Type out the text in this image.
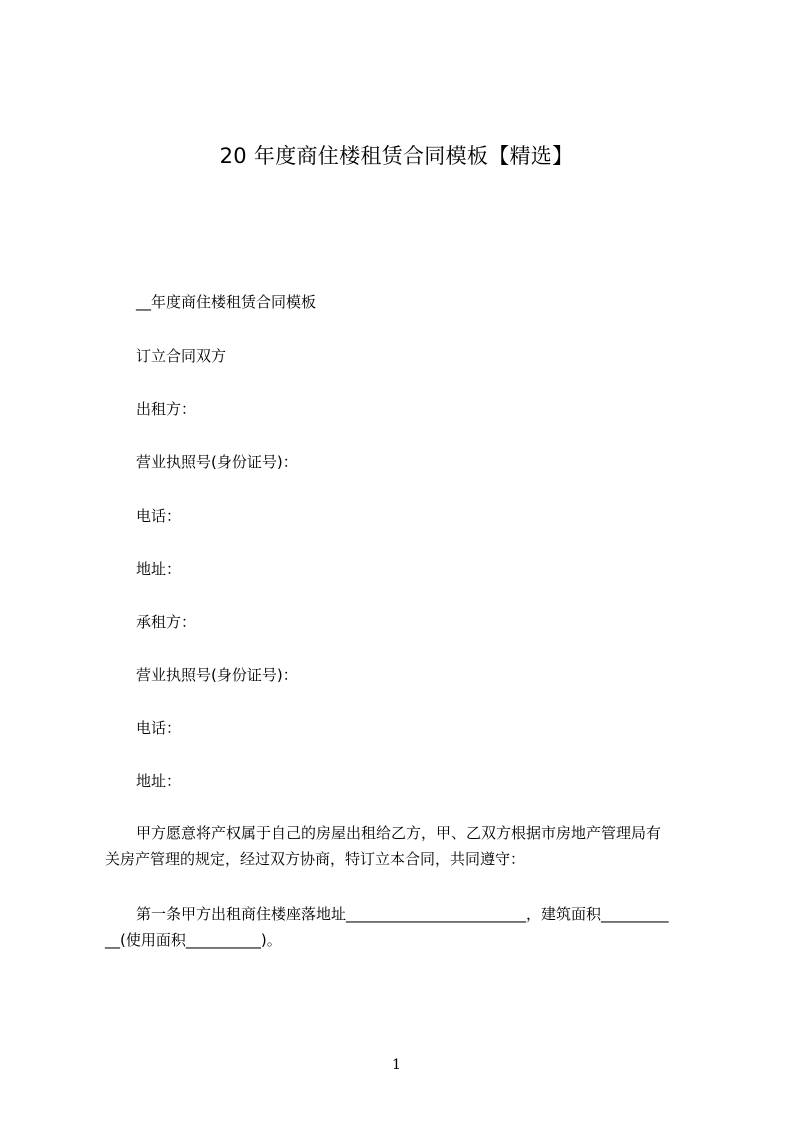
20 年度商住楼租赁合同模板【精选】

__年度商住楼租赁合同模板

订立合同双方

出租方：

营业执照号(身份证号)：

电话：

地址：

承租方：

营业执照号(身份证号)：

电话：

地址：

甲方愿意将产权属于自己的房屋出租给乙方，甲、乙双方根据市房地产管理局有
关房产管理的规定，经过双方协商，特订立本合同，共同遵守：

第一条甲方出租商住楼座落地址________________________，建筑面积_________
__(使用面积__________)。

1
